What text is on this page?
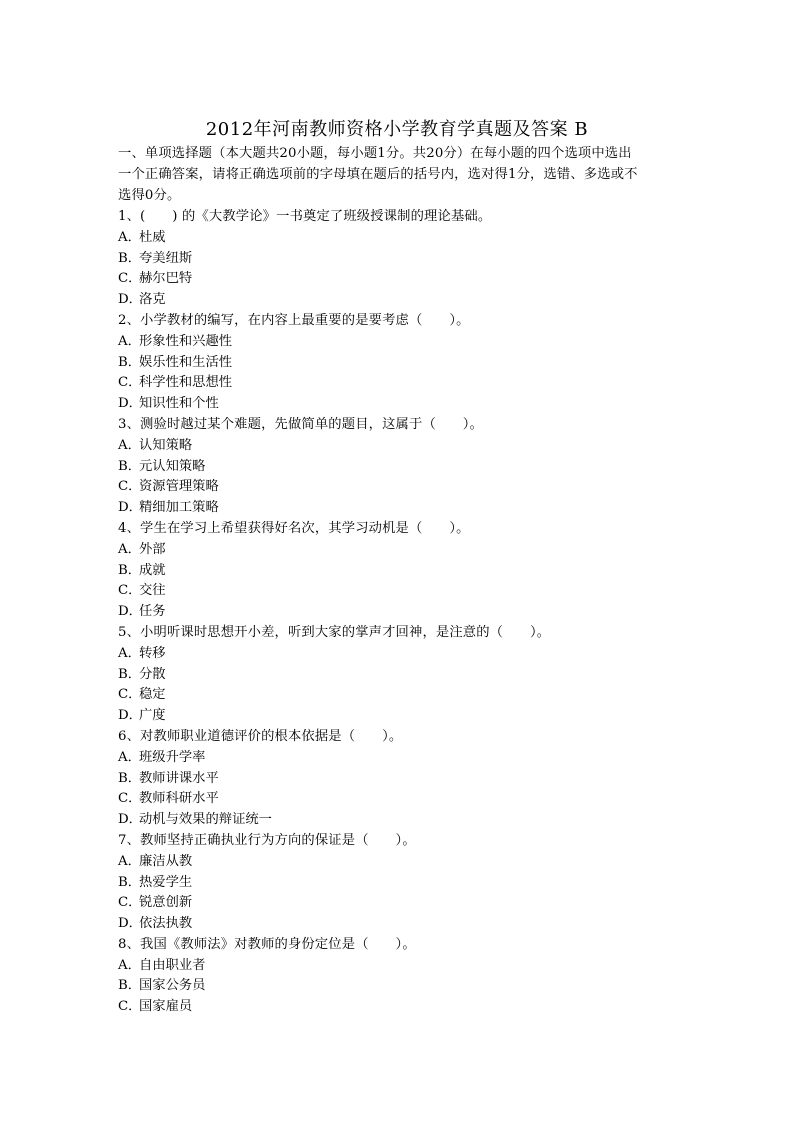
2012年河南教师资格小学教育学真题及答案 B
一、单项选择题（本大题共20小题，每小题1分。共20分）在每小题的四个选项中选出
一个正确答案，请将正确选项前的字母填在题后的括号内，选对得1分，选错、多选或不
选得0分。
1、(　　) 的《大教学论》一书奠定了班级授课制的理论基础。
A．杜威
B．夸美纽斯
C．赫尔巴特
D．洛克
2、小学教材的编写，在内容上最重要的是要考虑（　　）。
A．形象性和兴趣性
B．娱乐性和生活性
C．科学性和思想性
D．知识性和个性
3、测验时越过某个难题，先做简单的题目，这属于（　　）。
A．认知策略
B．元认知策略
C．资源管理策略
D．精细加工策略
4、学生在学习上希望获得好名次，其学习动机是（　　）。
A．外部
B．成就
C．交往
D．任务
5、小明听课时思想开小差，听到大家的掌声才回神，是注意的（　　）。
A．转移
B．分散
C．稳定
D．广度
6、对教师职业道德评价的根本依据是（　　）。
A．班级升学率
B．教师讲课水平
C．教师科研水平
D．动机与效果的辩证统一
7、教师坚持正确执业行为方向的保证是（　　）。
A．廉洁从教
B．热爱学生
C．锐意创新
D．依法执教
8、我国《教师法》对教师的身份定位是（　　）。
A．自由职业者
B．国家公务员
C．国家雇员
